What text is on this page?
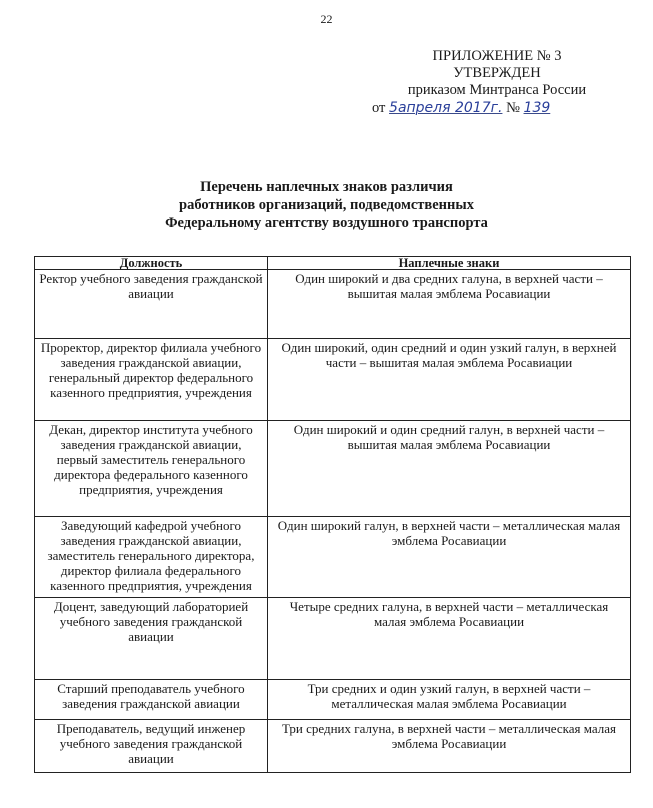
22
ПРИЛОЖЕНИЕ № 3
УТВЕРЖДЕН
приказом Минтранса России
от 5апреля 2017г. № 139
Перечень наплечных знаков различия
работников организаций, подведомственных
Федеральному агентству воздушного транспорта
Должность	Наплечные знаки
Ректор учебного заведения гражданской авиации	Один широкий и два средних галуна, в верхней части – вышитая малая эмблема Росавиации
Проректор, директор филиала учебного заведения гражданской авиации, генеральный директор федерального казенного предприятия, учреждения	Один широкий, один средний и один узкий галун, в верхней части – вышитая малая эмблема Росавиации
Декан, директор института учебного заведения гражданской авиации, первый заместитель генерального директора федерального казенного предприятия, учреждения	Один широкий и один средний галун, в верхней части – вышитая малая эмблема Росавиации
Заведующий кафедрой учебного заведения гражданской авиации, заместитель генерального директора, директор филиала федерального казенного предприятия, учреждения	Один широкий галун, в верхней части – металлическая малая эмблема Росавиации
Доцент, заведующий лабораторией учебного заведения гражданской авиации	Четыре средних галуна, в верхней части – металлическая малая эмблема Росавиации
Старший преподаватель учебного заведения гражданской авиации	Три средних и один узкий галун, в верхней части – металлическая малая эмблема Росавиации
Преподаватель, ведущий инженер учебного заведения гражданской авиации	Три средних галуна, в верхней части – металлическая малая эмблема Росавиации
